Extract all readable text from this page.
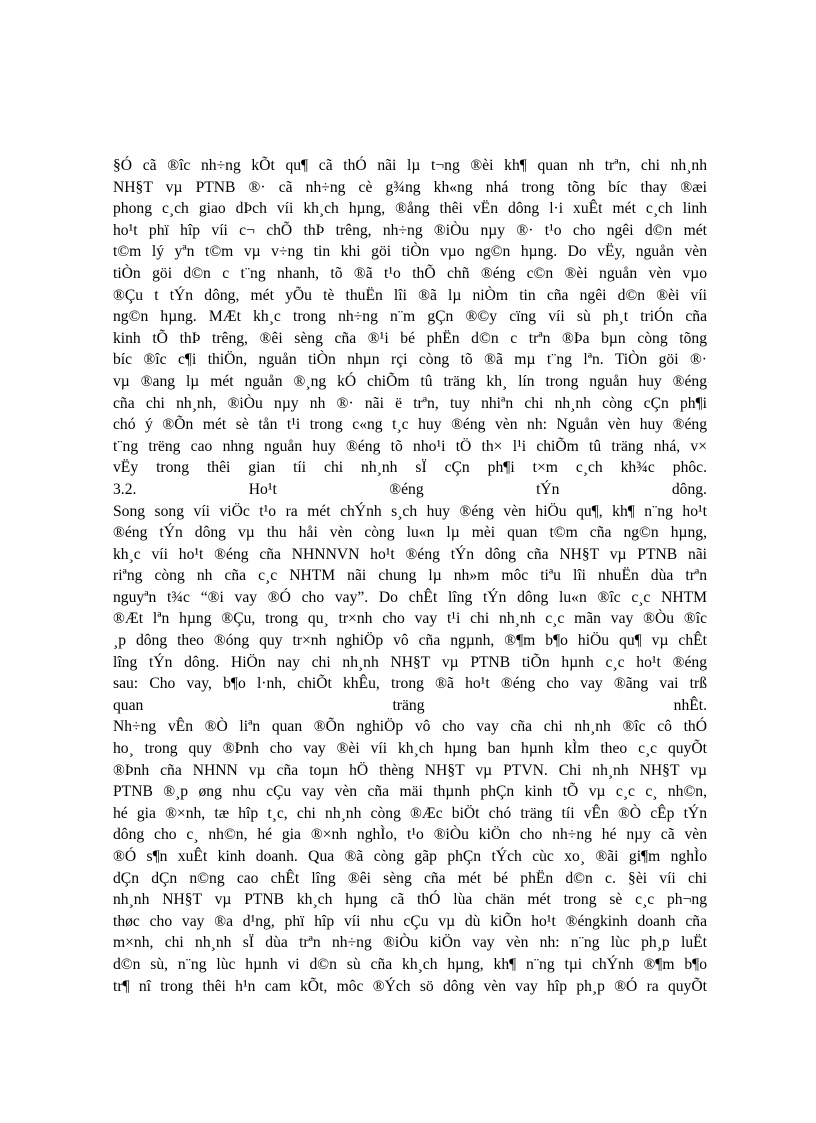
§Ó cã ®îc nh÷ng kÕt qu¶ cã thÓ nãi lµ t¬ng ®èi kh¶ quan nh trªn, chi nh¸nh
NH§T vµ PTNB ®· cã nh÷ng cè g¾ng kh«ng nhá trong tõng bíc thay ®æi
phong c¸ch giao dÞch víi kh¸ch hµng, ®ång thêi vËn dông l·i xuÊt mét c¸ch linh
ho¹t phï hîp víi c¬ chÕ thÞ trêng, nh÷ng ®iÒu nµy ®· t¹o cho ngêi d©n mét
t©m lý yªn t©m vµ v÷ng tin khi göi tiÒn vµo ng©n hµng. Do vËy, nguån vèn
tiÒn göi d©n c t¨ng nhanh, tõ ®ã t¹o thÕ chñ ®éng c©n ®èi nguån vèn vµo
®Çu t tÝn dông, mét yÕu tè thuËn lîi ®ã lµ niÒm tin cña ngêi d©n ®èi víi
ng©n hµng. MÆt kh¸c trong nh÷ng n¨m gÇn ®©y cïng víi sù ph¸t triÓn cña
kinh tÕ thÞ trêng, ®êi sèng cña ®¹i bé phËn d©n c trªn ®Þa bµn còng tõng
bíc ®îc c¶i thiÖn, nguån tiÒn nhµn rçi còng tõ ®ã mµ t¨ng lªn. TiÒn göi ®·
vµ ®ang lµ mét nguån ®¸ng kÓ chiÕm tû träng kh¸ lín trong nguån huy ®éng
cña chi nh¸nh, ®iÒu nµy nh ®· nãi ë trªn, tuy nhiªn chi nh¸nh còng cÇn ph¶i
chó ý ®Õn mét sè tån t¹i trong c«ng t¸c huy ®éng vèn nh: Nguån vèn huy ®éng
t¨ng trëng cao nhng nguån huy ®éng tõ nho¹i tÖ th× l¹i chiÕm tû träng nhá, v×
vËy trong thêi gian tíi chi nh¸nh sÏ cÇn ph¶i t×m c¸ch kh¾c phôc.
3.2.	Ho¹t	®éng	tÝn	dông.
Song song víi viÖc t¹o ra mét chÝnh s¸ch huy ®éng vèn hiÖu qu¶, kh¶ n¨ng ho¹t
®éng tÝn dông vµ thu håi vèn còng lu«n lµ mèi quan t©m cña ng©n hµng,
kh¸c víi ho¹t ®éng cña NHNNVN ho¹t ®éng tÝn dông cña NH§T vµ PTNB nãi
riªng còng nh cña c¸c NHTM nãi chung lµ nh»m môc tiªu lîi nhuËn dùa trªn
nguyªn t¾c “®i vay ®Ó cho vay”. Do chÊt lîng tÝn dông lu«n ®îc c¸c NHTM
®Æt lªn hµng ®Çu, trong qu¸ tr×nh cho vay t¹i chi nh¸nh c¸c mãn vay ®Òu ®îc
¸p dông theo ®óng quy tr×nh nghiÖp vô cña ngµnh, ®¶m b¶o hiÖu qu¶ vµ chÊt
lîng tÝn dông. HiÖn nay chi nh¸nh NH§T vµ PTNB tiÕn hµnh c¸c ho¹t ®éng
sau: Cho vay, b¶o l·nh, chiÕt khÊu, trong ®ã ho¹t ®éng cho vay ®ãng vai trß
quan	träng	nhÊt.
Nh÷ng vÊn ®Ò liªn quan ®Õn nghiÖp vô cho vay cña chi nh¸nh ®îc cô thÓ
ho¸ trong quy ®Þnh cho vay ®èi víi kh¸ch hµng ban hµnh kÌm theo c¸c quyÕt
®Þnh cña NHNN vµ cña toµn hÖ thèng NH§T vµ PTVN. Chi nh¸nh NH§T vµ
PTNB ®¸p øng nhu cÇu vay vèn cña mäi thµnh phÇn kinh tÕ vµ c¸c c¸ nh©n,
hé gia ®×nh, tæ hîp t¸c, chi nh¸nh còng ®Æc biÖt chó träng tíi vÊn ®Ò cÊp tÝn
dông cho c¸ nh©n, hé gia ®×nh nghÌo, t¹o ®iÒu kiÖn cho nh÷ng hé nµy cã vèn
®Ó s¶n xuÊt kinh doanh. Qua ®ã còng gãp phÇn tÝch cùc xo¸ ®ãi gi¶m nghÌo
dÇn dÇn n©ng cao chÊt lîng ®êi sèng cña mét bé phËn d©n c. §èi víi chi
nh¸nh NH§T vµ PTNB kh¸ch hµng cã thÓ lùa chän mét trong sè c¸c ph¬ng
thøc cho vay ®a d¹ng, phï hîp víi nhu cÇu vµ dù kiÕn ho¹t ®éngkinh doanh cña
m×nh, chi nh¸nh sÏ dùa trªn nh÷ng ®iÒu kiÖn vay vèn nh: n¨ng lùc ph¸p luËt
d©n sù, n¨ng lùc hµnh vi d©n sù cña kh¸ch hµng, kh¶ n¨ng tµi chÝnh ®¶m b¶o
tr¶ nî trong thêi h¹n cam kÕt, môc ®Ých sö dông vèn vay hîp ph¸p ®Ó ra quyÕt
